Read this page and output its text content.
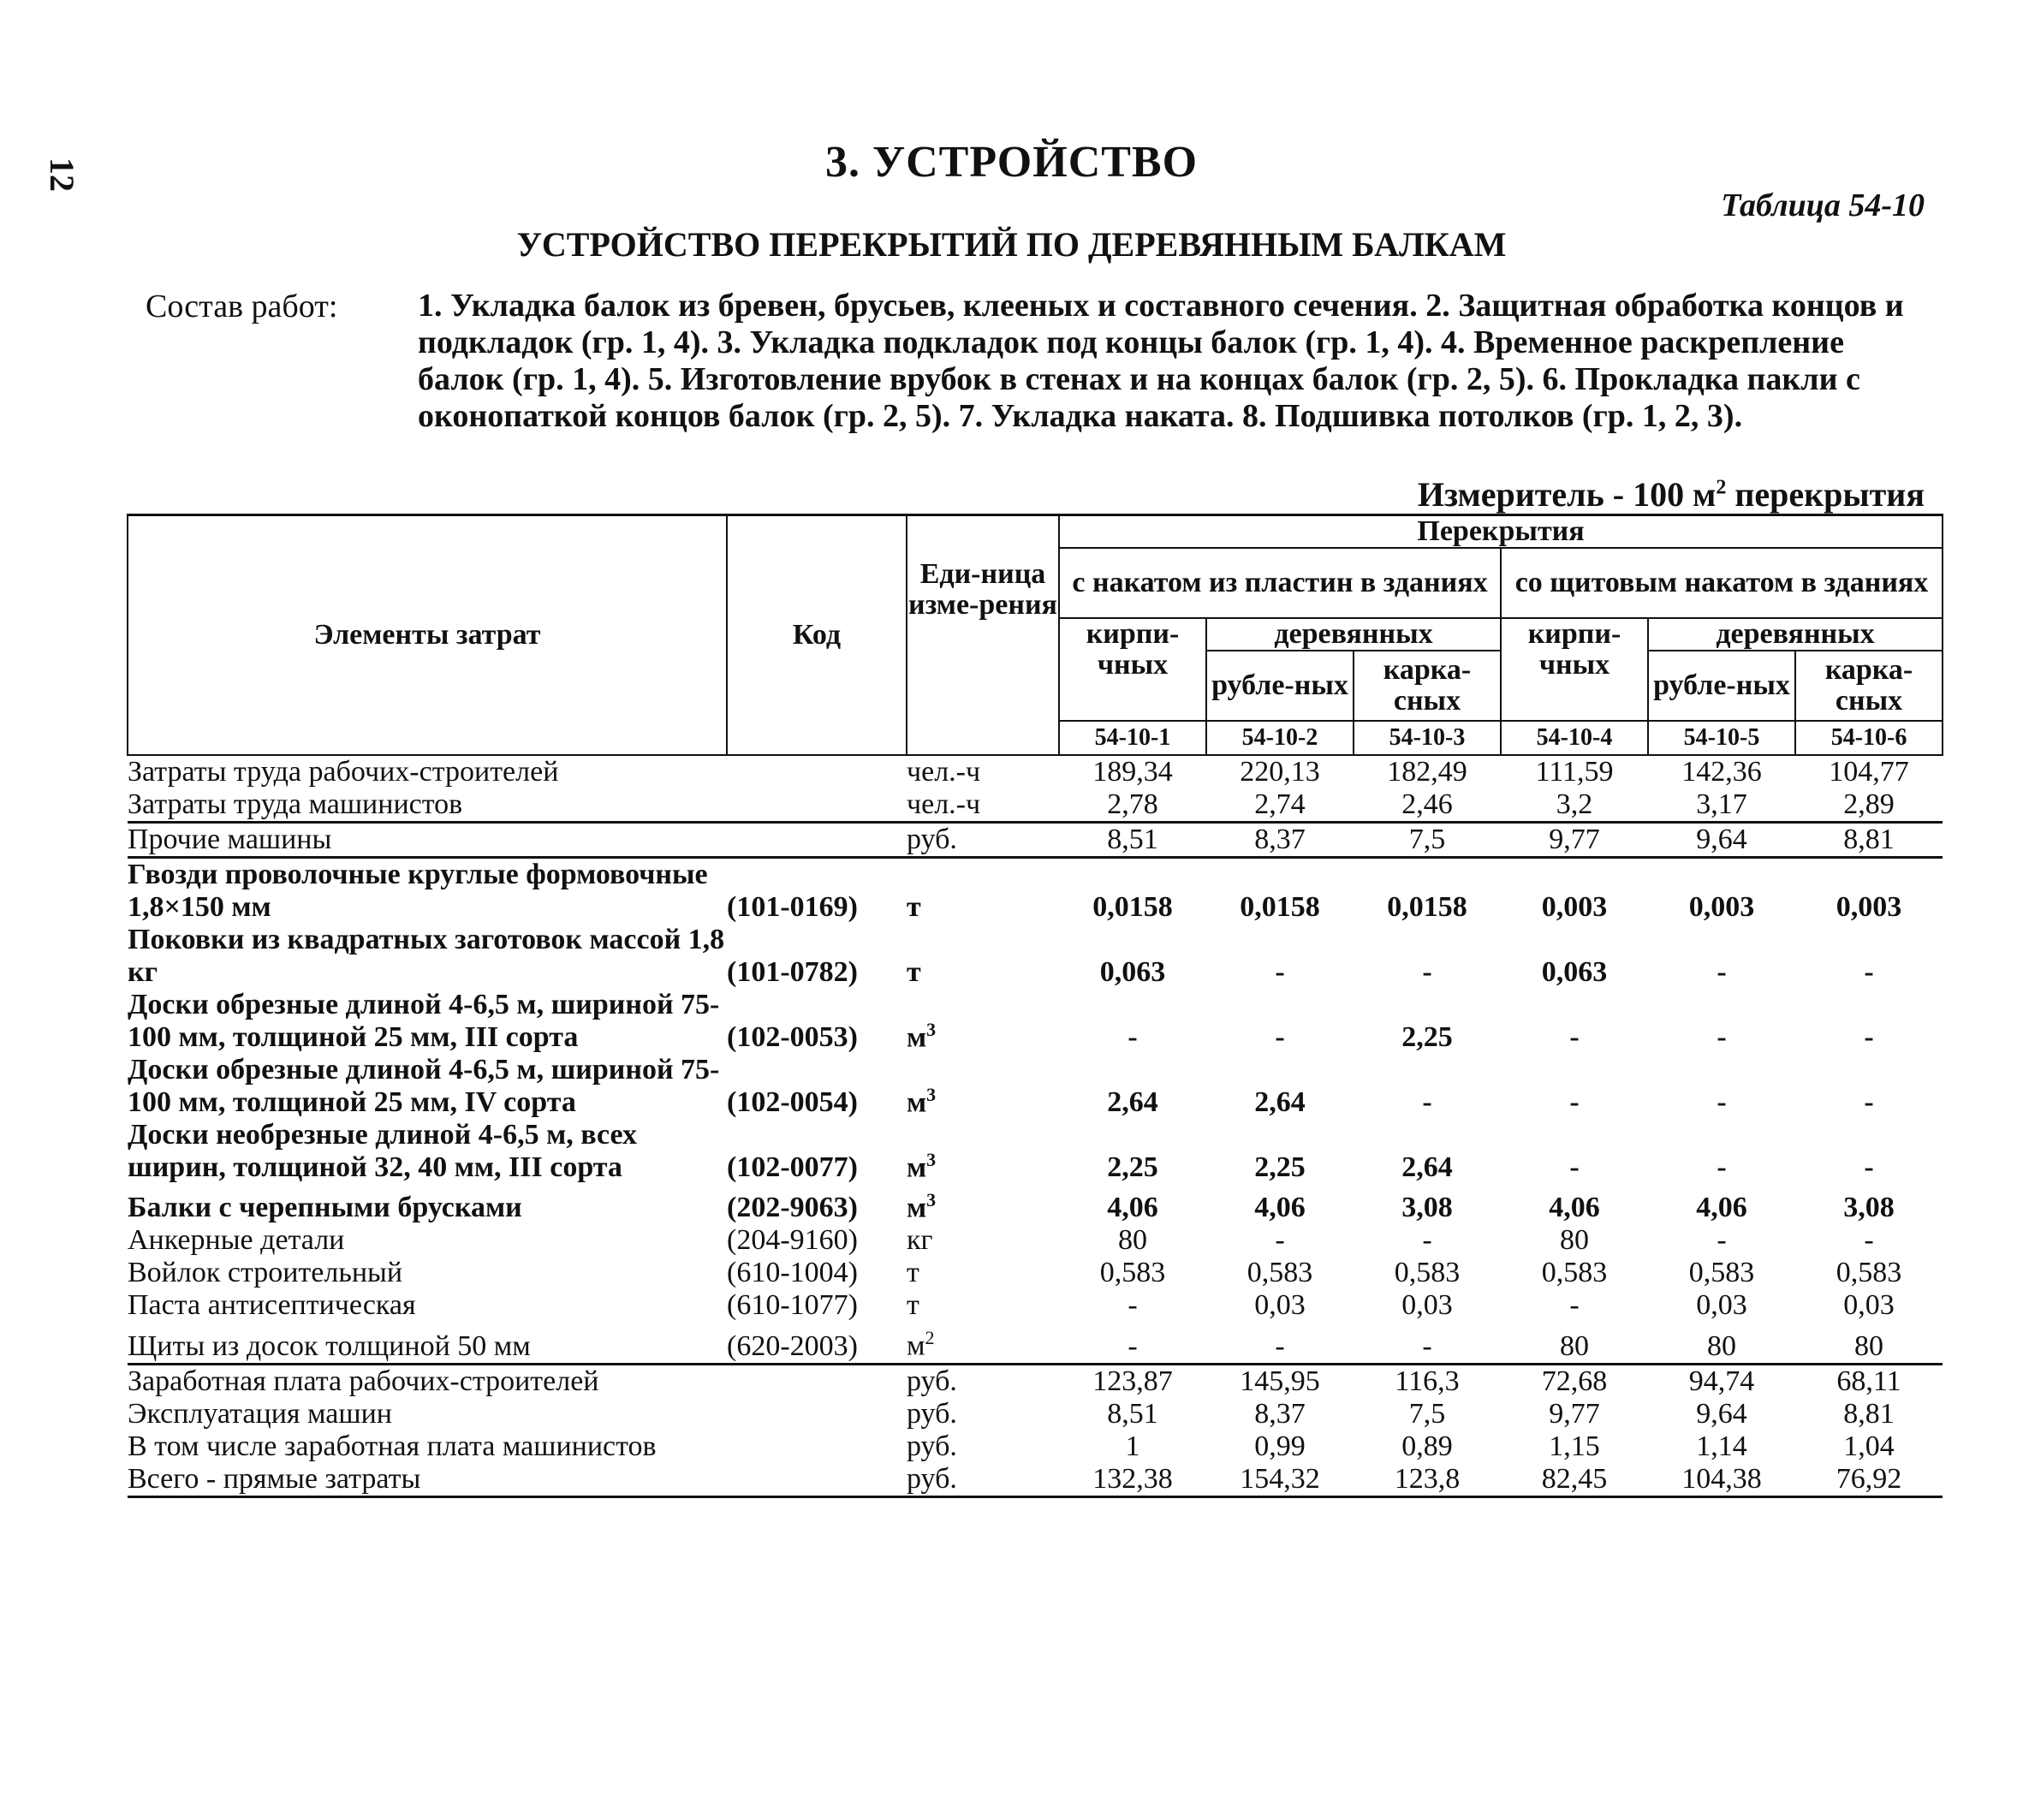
12	3. УСТРОЙСТВО
Таблица 54-10
УСТРОЙСТВО ПЕРЕКРЫТИЙ ПО ДЕРЕВЯННЫМ БАЛКАМ
Состав работ: 1. Укладка балок из бревен, брусьев, клееных и составного сечения. 2. Защитная обработка концов и подкладок (гр. 1, 4). 3. Укладка подкладок под концы балок (гр. 1, 4). 4. Временное раскрепление балок (гр. 1, 4). 5. Изготовление врубок в стенах и на концах балок (гр. 2, 5). 6. Прокладка пакли с оконопаткой концов балок (гр. 2, 5). 7. Укладка наката. 8. Подшивка потолков (гр. 1, 2, 3).
Измеритель - 100 $м^2$ перекрытия
Элементы затрат	Код	Еди-ница изме-рения	Перекрытия					
			с накатом из пластин в зданиях			со щитовым накатом в зданиях		
			кирпи-чных	деревянных		кирпи-чных	деревянных	
				рубле-ных	карка-сных		рубле-ных	карка-сных
			54-10-1	54-10-2	54-10-3	54-10-4	54-10-5	54-10-6
Затраты труда рабочих-строителей		чел.-ч	189,34	220,13	182,49	111,59	142,36	104,77
Затраты труда машинистов		чел.-ч	2,78	2,74	2,46	3,2	3,17	2,89
Прочие машины		руб.	8,51	8,37	7,5	9,77	9,64	8,81
Гвозди проволочные круглые формовочные 1,8×150 мм	(101-0169)	т	0,0158	0,0158	0,0158	0,003	0,003	0,003
Поковки из квадратных заготовок массой 1,8 кг	(101-0782)	т	0,063	-	-	0,063	-	-
Доски обрезные длиной 4-6,5 м, шириной 75-100 мм, толщиной 25 мм, III сорта	(102-0053)	$м^3$	-	-	2,25	-	-	-
Доски обрезные длиной 4-6,5 м, шириной 75-100 мм, толщиной 25 мм, IV сорта	(102-0054)	$м^3$	2,64	2,64	-	-	-	-
Доски необрезные длиной 4-6,5 м, всех ширин, толщиной 32, 40 мм, III сорта	(102-0077)	$м^3$	2,25	2,25	2,64	-	-	-
Балки с черепными брусками	(202-9063)	$м^3$	4,06	4,06	3,08	4,06	4,06	3,08
Анкерные детали	(204-9160)	кг	80	-	-	80	-	-
Войлок строительный	(610-1004)	т	0,583	0,583	0,583	0,583	0,583	0,583
Паста антисептическая	(610-1077)	т	-	0,03	0,03	-	0,03	0,03
Щиты из досок толщиной 50 мм	(620-2003)	$м^2$	-	-	-	80	80	80
Заработная плата рабочих-строителей		руб.	123,87	145,95	116,3	72,68	94,74	68,11
Эксплуатация машин		руб.	8,51	8,37	7,5	9,77	9,64	8,81
В том числе заработная плата машинистов		руб.	1	0,99	0,89	1,15	1,14	1,04
Всего - прямые затраты		руб.	132,38	154,32	123,8	82,45	104,38	76,92
